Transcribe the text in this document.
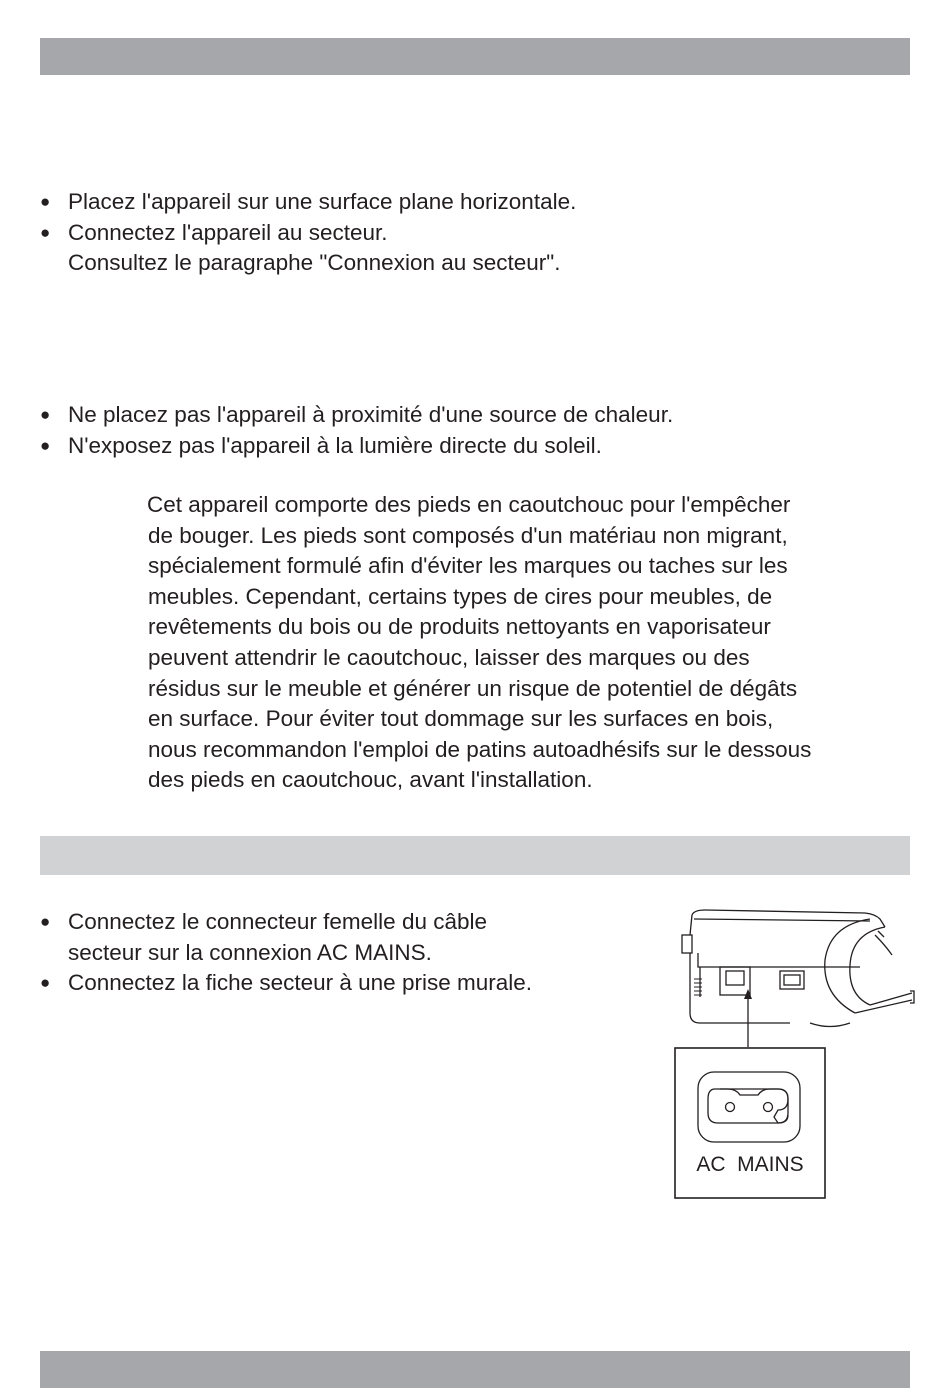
● Placez l'appareil sur une surface plane horizontale.
● Connectez l'appareil au secteur.
Consultez le paragraphe "Connexion au secteur".
● Ne placez pas l'appareil à proximité d'une source de chaleur.
● N'exposez pas l'appareil à la lumière directe du soleil.

Cet appareil comporte des pieds en caoutchouc pour l'empêcher
de bouger. Les pieds sont composés d'un matériau non migrant,
spécialement formulé afin d'éviter les marques ou taches sur les
meubles. Cependant, certains types de cires pour meubles, de
revêtements du bois ou de produits nettoyants en vaporisateur
peuvent attendrir le caoutchouc, laisser des marques ou des
résidus sur le meuble et générer un risque de potentiel de dégâts
en surface. Pour éviter tout dommage sur les surfaces en bois,
nous recommandon l'emploi de patins autoadhésifs sur le dessous
des pieds en caoutchouc, avant l'installation.

● Connectez le connecteur femelle du câble
secteur sur la connexion AC MAINS.
● Connectez la fiche secteur à une prise murale.
AC  MAINS
